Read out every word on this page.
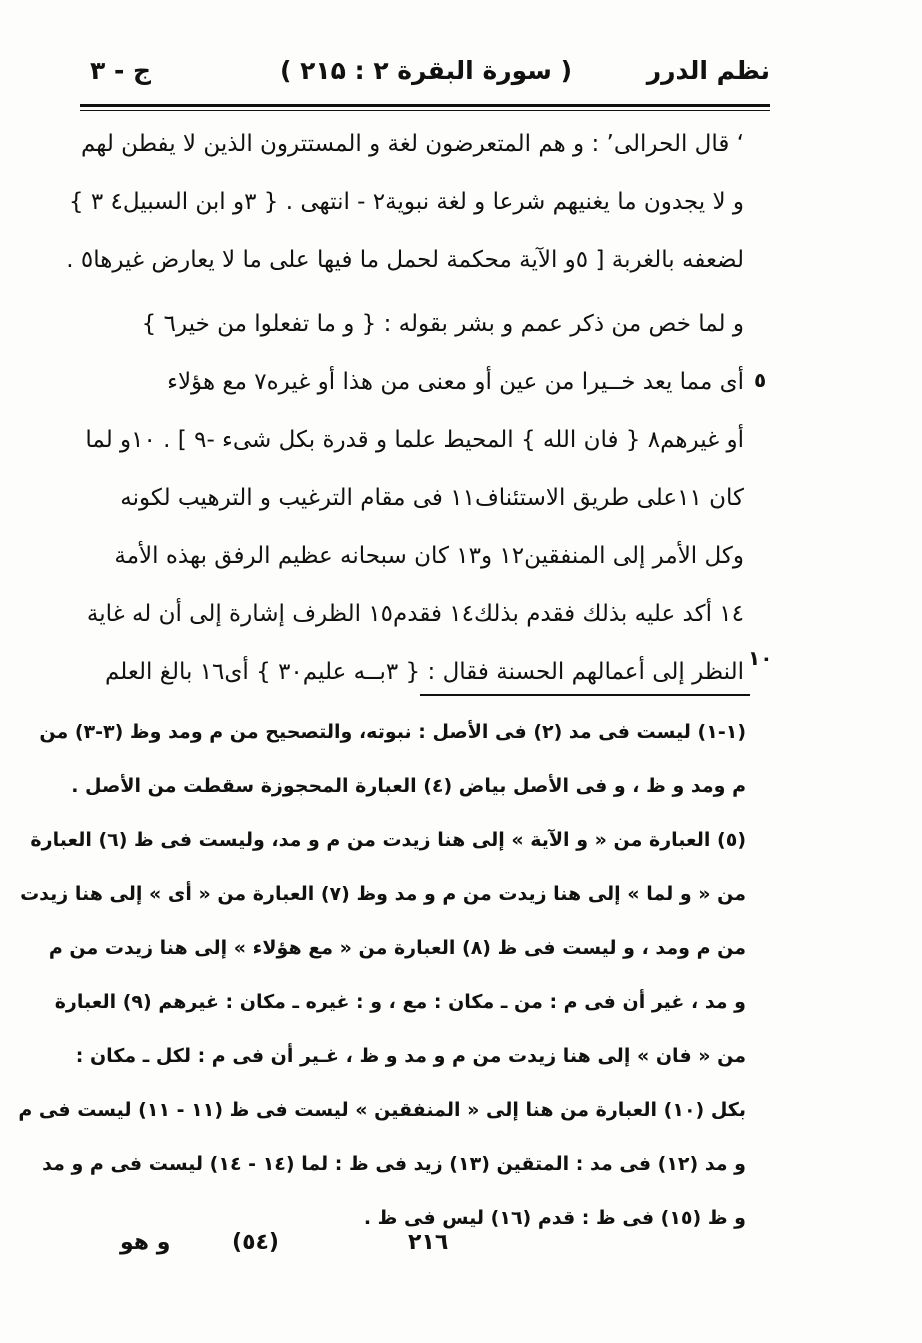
نظم الدرر
( سورة البقرة ۲ : ۲۱۵ )
ج - ۳
‘ قال الحرالى’ : و هم المتعرضون لغة و المستترون الذين لا يفطن لهم
و لا يجدون ما يغنيهم شرعا و لغة نبوية٢ - انتهى . { ٣و ابن السبيل٤ ٣ }
لضعفه بالغربة [ ٥و الآية محكمة لحمل ما فيها على ما لا يعارض غيرها٥ .
و لما خص من ذكر عمم و بشر بقوله : { و ما تفعلوا من خير٦ }
أى مما يعد خــيرا من عين أو معنى من هذا أو غيره٧ مع هؤلاء
أو غيرهم٨ { فان الله } المحيط علما و قدرة بكل شىء -٩ ] . ١٠و لما
كان ١١على طريق الاستئناف١١ فى مقام الترغيب و الترهيب لكونه
وكل الأمر إلى المنفقين١٢ و١٣ كان سبحانه عظيم الرفق بهذه الأمة
١٤ أكد عليه بذلك فقدم بذلك١٤ فقدم١٥ الظرف إشارة إلى أن له غاية
النظر إلى أعمالهم الحسنة فقال : { ٣بــه عليم٣٠ } أى١٦ بالغ العلم
٥
١٠
(١-١) ليست فى مد (٢) فى الأصل : نبوته، والتصحيح من م ومد وظ (٣-٣) من
م ومد و ظ ، و فى الأصل بياض (٤) العبارة المحجوزة سقطت من الأصل .
(٥) العبارة من « و الآية » إلى هنا زيدت من م و مد، وليست فى ظ (٦) العبارة
من « و لما » إلى هنا زيدت من م و مد وظ (٧) العبارة من « أى » إلى هنا زيدت
من م ومد ، و ليست فى ظ (٨) العبارة من « مع هؤلاء » إلى هنا زيدت من م
و مد ، غير أن فى م : من ـ مكان : مع ، و : غيره ـ مكان : غيرهم (٩) العبارة
من « فان » إلى هنا زيدت من م و مد و ظ ، غـير أن فى م : لكل ـ مكان :
بكل (١٠) العبارة من هنا إلى « المنفقين » ليست فى ظ (١١ - ١١) ليست فى م
و مد (١٢) فى مد : المتقين (١٣) زيد فى ظ : لما (١٤ - ١٤) ليست فى م و مد
و ظ (١٥) فى ظ : قدم (١٦) ليس فى ظ .
۲۱٦
(٥٤)
و هو
